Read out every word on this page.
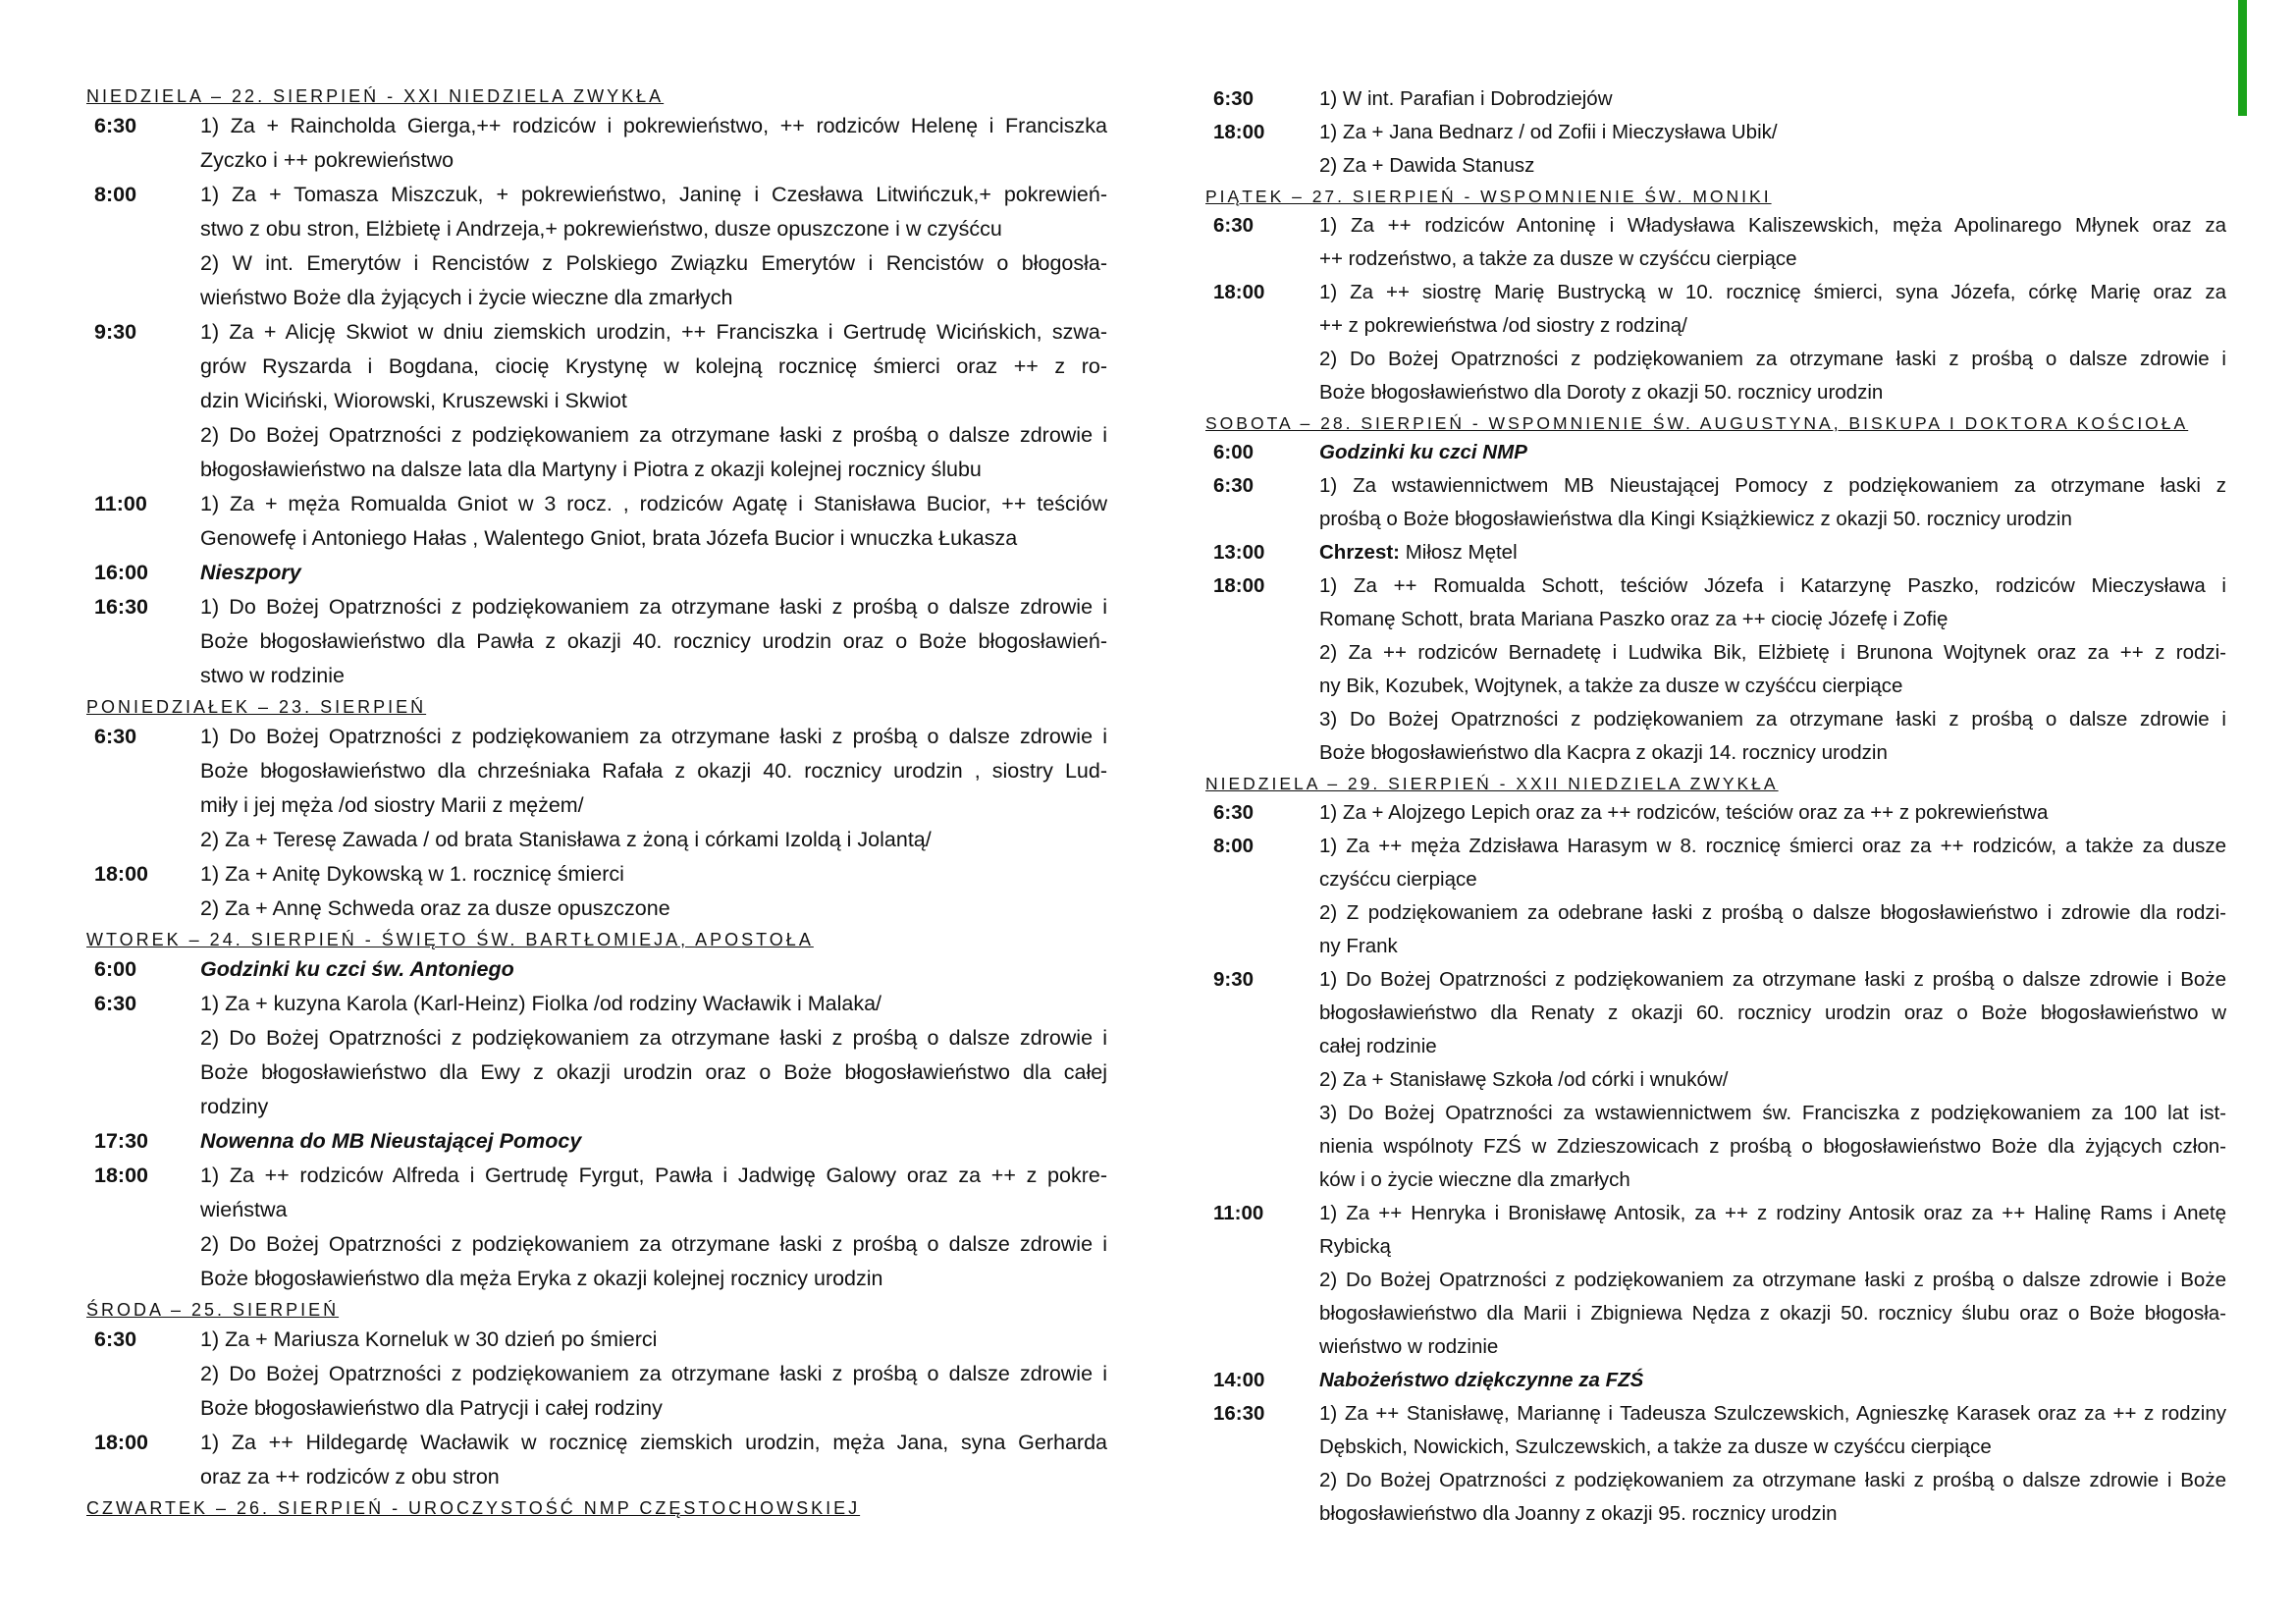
NIEDZIELA – 22. SIERPIEŃ - XXI NIEDZIELA ZWYKŁA
6:30	1) Za + Raincholda Gierga,++ rodziców i pokrewieństwo, ++ rodziców Helenę i Franciszka
Zyczko i ++ pokrewieństwo
8:00	1) Za + Tomasza Miszczuk, + pokrewieństwo, Janinę i Czesława Litwińczuk,+ pokrewień-
stwo z obu stron, Elżbietę i Andrzeja,+ pokrewieństwo, dusze opuszczone i w czyśćcu
2) W int. Emerytów i Rencistów z Polskiego Związku Emerytów i Rencistów o błogosła-
wieństwo Boże dla żyjących i życie wieczne dla zmarłych
9:30	1) Za + Alicję Skwiot w dniu ziemskich urodzin, ++ Franciszka i Gertrudę Wicińskich, szwa-
grów Ryszarda i Bogdana, ciocię Krystynę w kolejną rocznicę śmierci oraz ++ z ro-
dzin Wiciński, Wiorowski, Kruszewski i Skwiot
2) Do Bożej Opatrzności z podziękowaniem za otrzymane łaski z prośbą o dalsze zdrowie i
błogosławieństwo na dalsze lata dla Martyny i Piotra z okazji kolejnej rocznicy ślubu
11:00	1) Za + męża Romualda Gniot w 3 rocz. , rodziców Agatę i Stanisława Bucior, ++ teściów
Genowefę i Antoniego Hałas , Walentego Gniot, brata Józefa Bucior i wnuczka Łukasza
16:00	Nieszpory
16:30	1) Do Bożej Opatrzności z podziękowaniem za otrzymane łaski z prośbą o dalsze zdrowie i
Boże błogosławieństwo dla Pawła z okazji 40. rocznicy urodzin oraz o Boże błogosławień-
stwo w rodzinie
PONIEDZIAŁEK – 23. SIERPIEŃ
6:30	1) Do Bożej Opatrzności z podziękowaniem za otrzymane łaski z prośbą o dalsze zdrowie i
Boże błogosławieństwo dla chrześniaka Rafała z okazji 40. rocznicy urodzin , siostry Lud-
miły i jej męża /od siostry Marii z mężem/
2) Za + Teresę Zawada / od brata Stanisława z żoną i córkami Izoldą i Jolantą/
18:00	1) Za + Anitę Dykowską w 1. rocznicę śmierci
2) Za + Annę Schweda oraz za dusze opuszczone
WTOREK – 24. SIERPIEŃ - ŚWIĘTO ŚW. BARTŁOMIEJA, APOSTOŁA
6:00	Godzinki ku czci św. Antoniego
6:30	1) Za + kuzyna Karola (Karl-Heinz) Fiolka /od rodziny Wacławik i Malaka/
2) Do Bożej Opatrzności z podziękowaniem za otrzymane łaski z prośbą o dalsze zdrowie i
Boże błogosławieństwo dla Ewy z okazji urodzin oraz o Boże błogosławieństwo dla całej
rodziny
17:30	Nowenna do MB Nieustającej Pomocy
18:00	1) Za ++ rodziców Alfreda i Gertrudę Fyrgut, Pawła i Jadwigę Galowy oraz za ++ z pokre-
wieństwa
2) Do Bożej Opatrzności z podziękowaniem za otrzymane łaski z prośbą o dalsze zdrowie i
Boże błogosławieństwo dla męża Eryka z okazji kolejnej rocznicy urodzin
ŚRODA – 25. SIERPIEŃ
6:30	1) Za + Mariusza Korneluk w 30 dzień po śmierci
2) Do Bożej Opatrzności z podziękowaniem za otrzymane łaski z prośbą o dalsze zdrowie i
Boże błogosławieństwo dla Patrycji i całej rodziny
18:00	1) Za ++ Hildegardę Wacławik w rocznicę ziemskich urodzin, męża Jana, syna Gerharda
oraz za ++ rodziców z obu stron
CZWARTEK – 26. SIERPIEŃ - UROCZYSTOŚĆ NMP CZĘSTOCHOWSKIEJ
6:30	1) W int. Parafian i Dobrodziejów
18:00	1) Za + Jana Bednarz / od Zofii i Mieczysława Ubik/
2) Za + Dawida Stanusz
PIĄTEK – 27. SIERPIEŃ - WSPOMNIENIE ŚW. MONIKI
6:30	1) Za ++ rodziców Antoninę i Władysława Kaliszewskich, męża Apolinarego Młynek oraz za
++ rodzeństwo, a także za dusze w czyśćcu cierpiące
18:00	1) Za ++ siostrę Marię Bustrycką w 10. rocznicę śmierci, syna Józefa, córkę Marię oraz za
++ z pokrewieństwa /od siostry z rodziną/
2) Do Bożej Opatrzności z podziękowaniem za otrzymane łaski z prośbą o dalsze zdrowie i
Boże błogosławieństwo dla Doroty z okazji 50. rocznicy urodzin
SOBOTA – 28. SIERPIEŃ - WSPOMNIENIE ŚW. AUGUSTYNA, BISKUPA I DOKTORA KOŚCIOŁA
6:00	Godzinki ku czci NMP
6:30	1) Za wstawiennictwem MB Nieustającej Pomocy z podziękowaniem za otrzymane łaski z
prośbą o Boże błogosławieństwa dla Kingi Książkiewicz z okazji 50. rocznicy urodzin
13:00	Chrzest: Miłosz Mętel
18:00	1) Za ++ Romualda Schott, teściów Józefa i Katarzynę Paszko, rodziców Mieczysława i
Romanę Schott, brata Mariana Paszko oraz za ++ ciocię Józefę i Zofię
2) Za ++ rodziców Bernadetę i Ludwika Bik, Elżbietę i Brunona Wojtynek oraz za ++ z rodzi-
ny Bik, Kozubek, Wojtynek, a także za dusze w czyśćcu cierpiące
3) Do Bożej Opatrzności z podziękowaniem za otrzymane łaski z prośbą o dalsze zdrowie i
Boże błogosławieństwo dla Kacpra z okazji 14. rocznicy urodzin
NIEDZIELA – 29. SIERPIEŃ - XXII NIEDZIELA ZWYKŁA
6:30	1) Za + Alojzego Lepich oraz za ++ rodziców, teściów oraz za ++ z pokrewieństwa
8:00	1) Za ++ męża Zdzisława Harasym w 8. rocznicę śmierci oraz za ++ rodziców, a także za dusze
czyśćcu cierpiące
2) Z podziękowaniem za odebrane łaski z prośbą o dalsze błogosławieństwo i zdrowie dla rodzi-
ny Frank
9:30	1) Do Bożej Opatrzności z podziękowaniem za otrzymane łaski z prośbą o dalsze zdrowie i Boże
błogosławieństwo dla Renaty z okazji 60. rocznicy urodzin oraz o Boże błogosławieństwo w
całej rodzinie
2) Za + Stanisławę Szkoła /od córki i wnuków/
3) Do Bożej Opatrzności za wstawiennictwem św. Franciszka z podziękowaniem za 100 lat ist-
nienia wspólnoty FZŚ w Zdzieszowicach z prośbą o błogosławieństwo Boże dla żyjących człon-
ków i o życie wieczne dla zmarłych
11:00	1) Za ++ Henryka i Bronisławę Antosik, za ++ z rodziny Antosik oraz za ++ Halinę Rams i Anetę
Rybicką
2) Do Bożej Opatrzności z podziękowaniem za otrzymane łaski z prośbą o dalsze zdrowie i Boże
błogosławieństwo dla Marii i Zbigniewa Nędza z okazji 50. rocznicy ślubu oraz o Boże błogosła-
wieństwo w rodzinie
14:00	Nabożeństwo dziękczynne za FZŚ
16:30	1) Za ++ Stanisławę, Mariannę i Tadeusza Szulczewskich, Agnieszkę Karasek oraz za ++ z rodziny
Dębskich, Nowickich, Szulczewskich, a także za dusze w czyśćcu cierpiące
2) Do Bożej Opatrzności z podziękowaniem za otrzymane łaski z prośbą o dalsze zdrowie i Boże
błogosławieństwo dla Joanny z okazji 95. rocznicy urodzin
